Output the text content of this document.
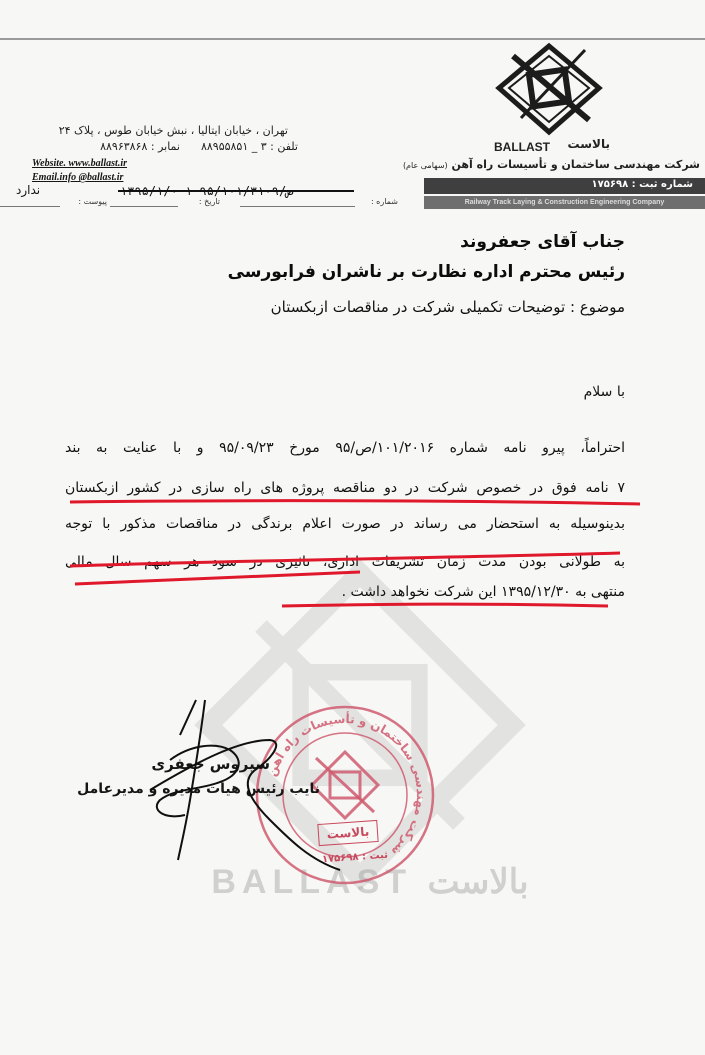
BALLAST بالاست
BALLAST	بالاست
شرکت مهندسی ساختمان و تأسیسات راه آهن (سهامی عام)
شماره ثبت : ۱۷۵۶۹۸
Railway Track Laying & Construction Engineering Company
تهران ، خیابان ایتالیا ، نبش خیابان طوس ، پلاک ۲۴
تلفن : ۳ _ ۸۸۹۵۵۸۵۱      نمابر : ۸۸۹۶۳۸۶۸
Website. www.ballast.ir
Email.info @ballast.ir
شماره :
تاریخ :
پیوست :
ندارد
جناب آقای جعفروند
رئیس محترم اداره نظارت بر ناشران فرابورسی
موضوع : توضیحات تکمیلی شرکت در مناقصات ازبکستان
با سلام
احتراماً، پیرو نامه شماره ۱۰۱/۲۰۱۶/ص/۹۵ مورخ ۹۵/۰۹/۲۳ و با عنایت به بند
۷ نامه فوق در خصوص شرکت در دو مناقصه پروژه های راه سازی در کشور ازبکستان
بدینوسیله به استحضار می رساند در صورت اعلام برندگی در مناقصات مذکور با توجه
به طولانی بودن مدت زمان تشریفات اداری، تاثیری در سود هر سهم سال مالی
منتهی به ۱۳۹۵/۱۲/۳۰ این شرکت نخواهد داشت .
شرکت مهندسی ساختمان و تأسیسات راه آهن
بالاست
ثبت : ۱۷۵۶۹۸
سیروس جعفری
نایب رئیس هیات مدیره و مدیرعامل
